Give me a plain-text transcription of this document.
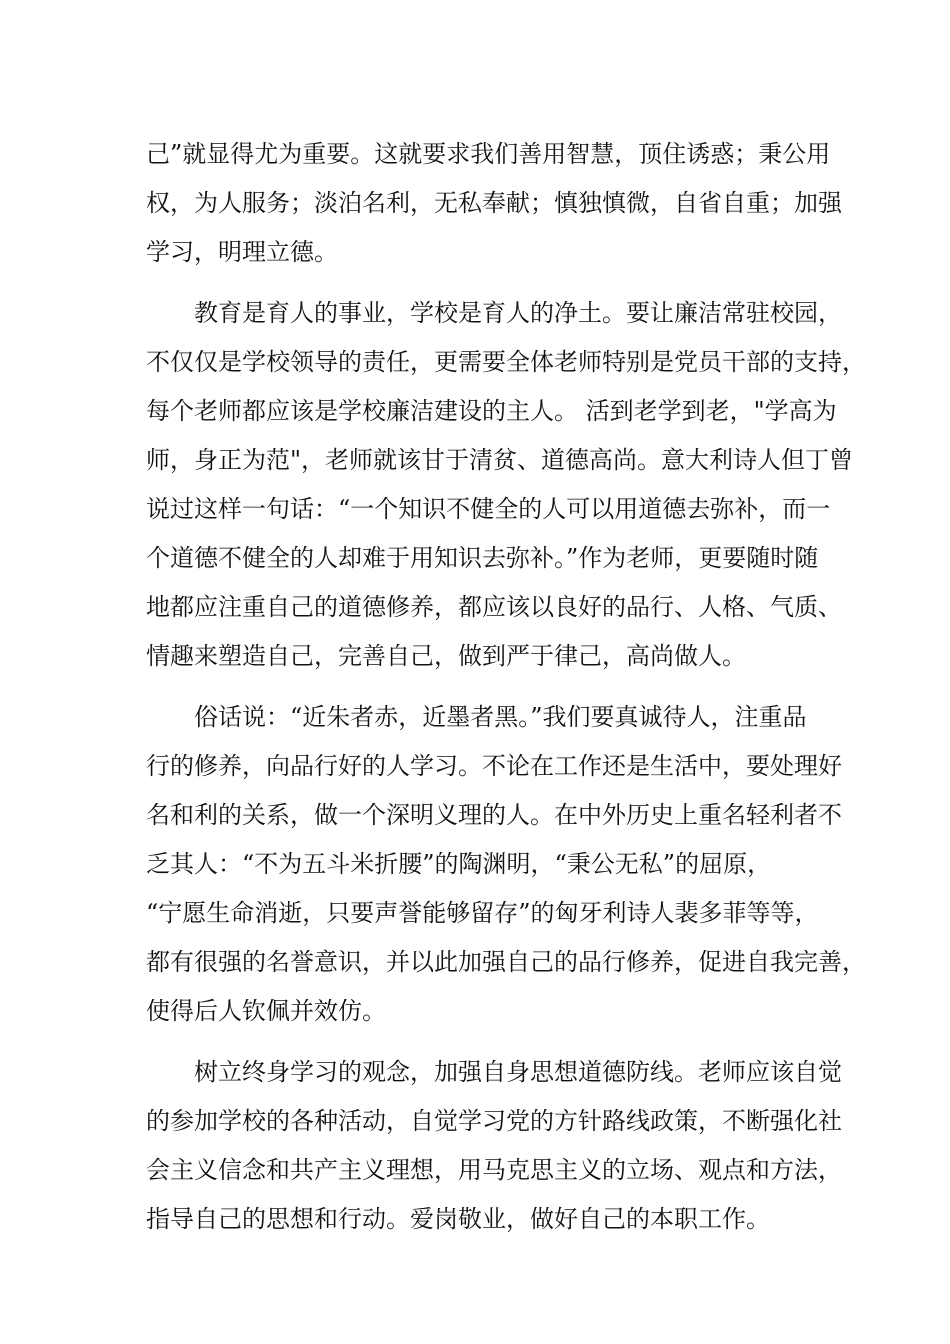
己”就显得尤为重要。这就要求我们善用智慧，顶住诱惑；秉公用
权，为人服务；淡泊名利，无私奉献；慎独慎微，自省自重；加强
学习，明理立德。
教育是育人的事业，学校是育人的净土。要让廉洁常驻校园，
不仅仅是学校领导的责任，更需要全体老师特别是党员干部的支持，
每个老师都应该是学校廉洁建设的主人。 活到老学到老，"学高为
师，身正为范"，老师就该甘于清贫、道德高尚。意大利诗人但丁曾
说过这样一句话：“一个知识不健全的人可以用道德去弥补，而一
个道德不健全的人却难于用知识去弥补。”作为老师，更要随时随
地都应注重自己的道德修养，都应该以良好的品行、人格、气质、
情趣来塑造自己，完善自己，做到严于律己，高尚做人。
俗话说：“近朱者赤，近墨者黑。”我们要真诚待人，注重品
行的修养，向品行好的人学习。不论在工作还是生活中，要处理好
名和利的关系，做一个深明义理的人。在中外历史上重名轻利者不
乏其人：“不为五斗米折腰”的陶渊明，“秉公无私”的屈原，
“宁愿生命消逝，只要声誉能够留存”的匈牙利诗人裴多菲等等，
都有很强的名誉意识，并以此加强自己的品行修养，促进自我完善，
使得后人钦佩并效仿。
树立终身学习的观念，加强自身思想道德防线。老师应该自觉
的参加学校的各种活动，自觉学习党的方针路线政策，不断强化社
会主义信念和共产主义理想，用马克思主义的立场、观点和方法，
指导自己的思想和行动。爱岗敬业，做好自己的本职工作。
